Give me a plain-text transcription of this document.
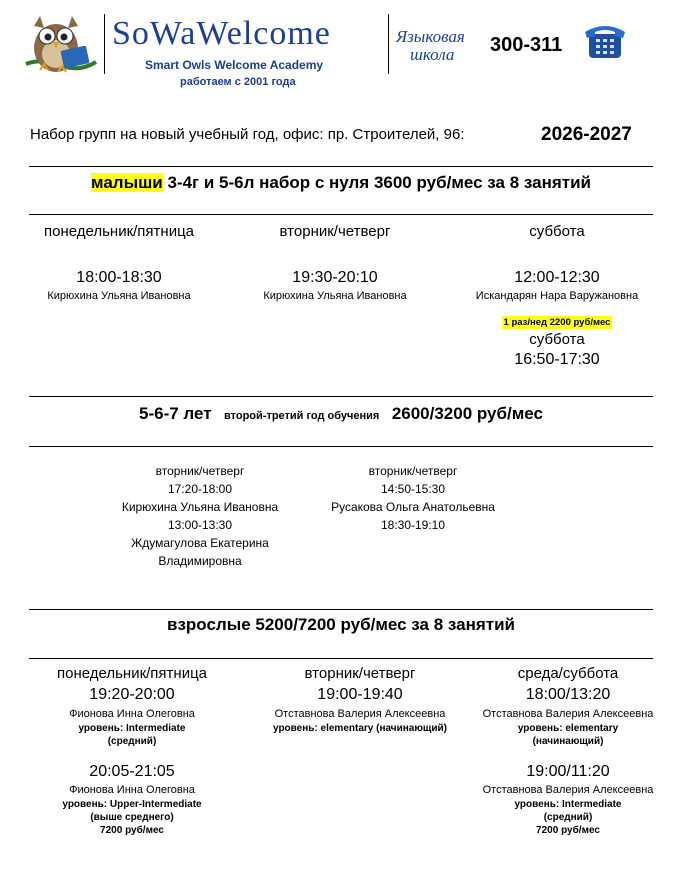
SoWaWelcome
Smart Owls Welcome Academy
работаем с 2001 года
Языковая
школа 300-311
Набор групп на новый учебный год, офис: пр. Строителей, 96:	2026-2027
малыши 3-4г и 5-6л набор с нуля 3600 руб/мес за 8 занятий
понедельник/пятница
18:00-18:30
Кирюхина Ульяна Ивановна
вторник/четверг
19:30-20:10
Кирюхина Ульяна Ивановна
суббота
12:00-12:30
Искандарян Нара Варужановна
1 раз/нед 2200 руб/мес
суббота
16:50-17:30
5-6-7 лет второй-третий год обучения 2600/3200 руб/мес
вторник/четверг
17:20-18:00
Кирюхина Ульяна Ивановна
13:00-13:30
Ждумагулова Екатерина
Владимировна
вторник/четверг
14:50-15:30
Русакова Ольга Анатольевна
18:30-19:10
взрослые 5200/7200 руб/мес за 8 занятий
понедельник/пятница
19:20-20:00
Фионова Инна Олеговна
уровень: Intermediate
(средний)
20:05-21:05
Фионова Инна Олеговна
уровень: Upper-Intermediate
(выше среднего)
7200 руб/мес
вторник/четверг
19:00-19:40
Отставнова Валерия Алексеевна
уровень: elementary (начинающий)
среда/суббота
18:00/13:20
Отставнова Валерия Алексеевна
уровень: elementary
(начинающий)
19:00/11:20
Отставнова Валерия Алексеевна
уровень: Intermediate
(средний)
7200 руб/мес
